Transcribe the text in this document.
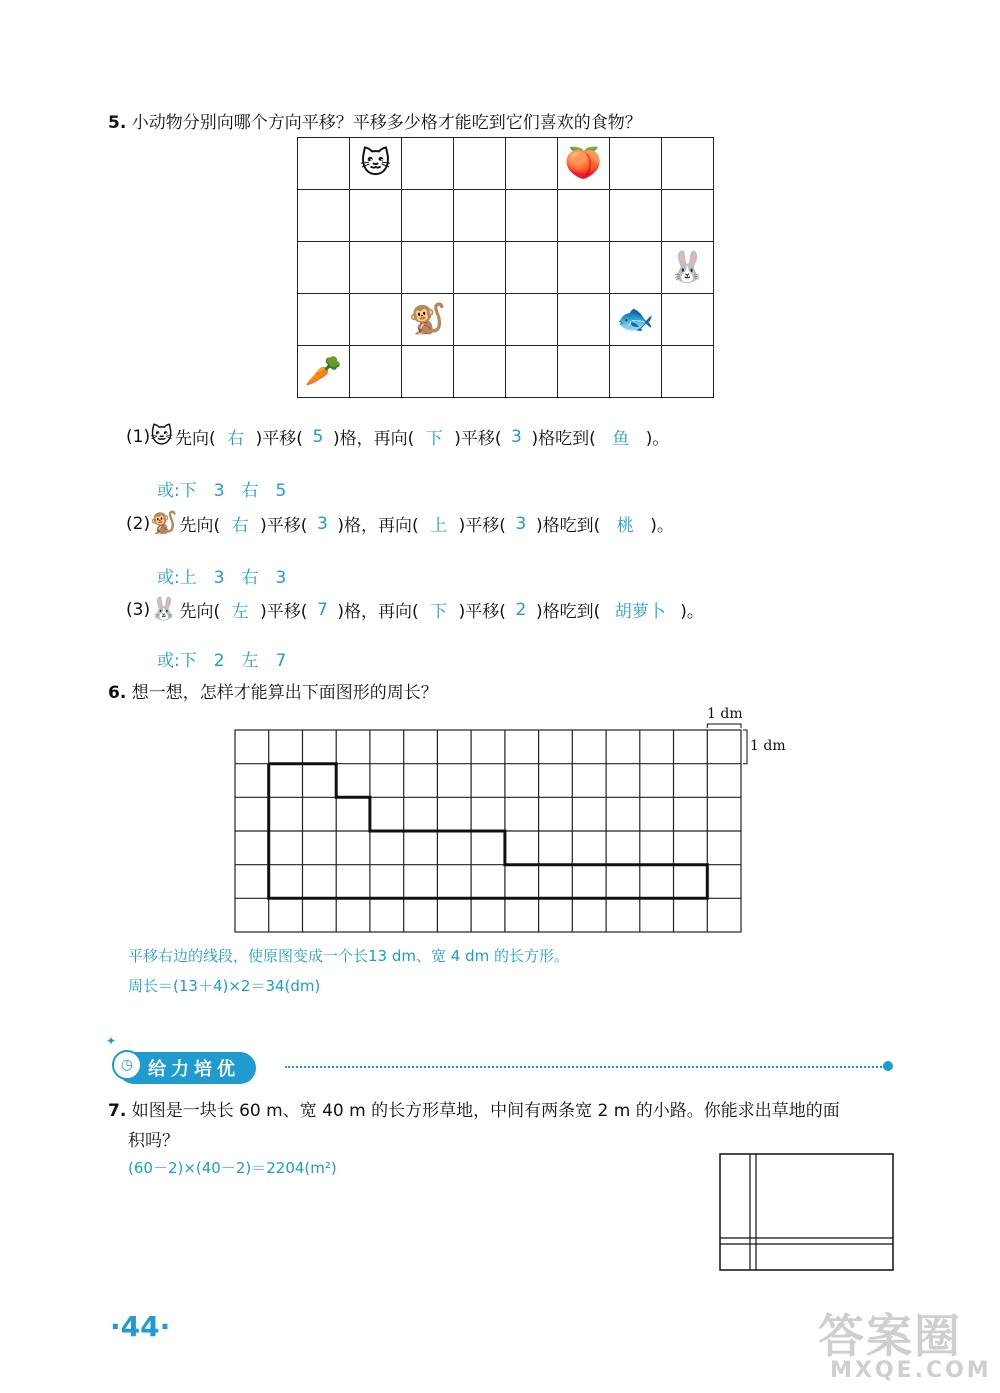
5. 小动物分别向哪个方向平移？平移多少格才能吃到它们喜欢的食物？
	🐱				🍑		

							🐰
		🐒				🐟	
🥕							
(1) 🐱 先向( 右 )平移( 5 )格，再向( 下 )平移( 3 )格吃到( 鱼 )。
或:下　3　右　5
(2) 🐒 先向( 右 )平移( 3 )格，再向( 上 )平移( 3 )格吃到( 桃 )。
或:上　3　右　3
(3) 🐰 先向( 左 )平移( 7 )格，再向( 下 )平移( 2 )格吃到( 胡萝卜 )。
或:下　2　左　7
6. 想一想，怎样才能算出下面图形的周长？
1 dm
1 dm
平移右边的线段，使原图变成一个长13 dm、宽 4 dm 的长方形。
周长＝(13＋4)×2＝34(dm)
✦
◷ 给力培优
7. 如图是一块长 60 m、宽 40 m 的长方形草地，中间有两条宽 2 m 的小路。你能求出草地的面
积吗？
(60－2)×(40－2)＝2204(m²)
·44·	答案圈
MXQE.COM
